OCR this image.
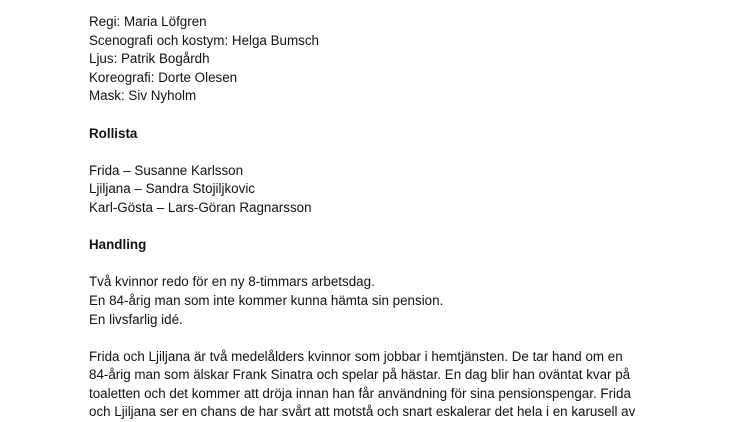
Regi: Maria Löfgren
Scenografi och kostym: Helga Bumsch
Ljus: Patrik Bogårdh
Koreografi: Dorte Olesen
Mask: Siv Nyholm
Rollista
Frida – Susanne Karlsson
Ljiljana – Sandra Stojiljkovic
Karl-Gösta – Lars-Göran Ragnarsson
Handling
Två kvinnor redo för en ny 8-timmars arbetsdag.
En 84-årig man som inte kommer kunna hämta sin pension.
En livsfarlig idé.
Frida och Ljiljana är två medelålders kvinnor som jobbar i hemtjänsten. De tar hand om en
84-årig man som älskar Frank Sinatra och spelar på hästar. En dag blir han oväntat kvar på
toaletten och det kommer att dröja innan han får användning för sina pensionspengar. Frida
och Ljiljana ser en chans de har svårt att motstå och snart eskalerar det hela i en karusell av
